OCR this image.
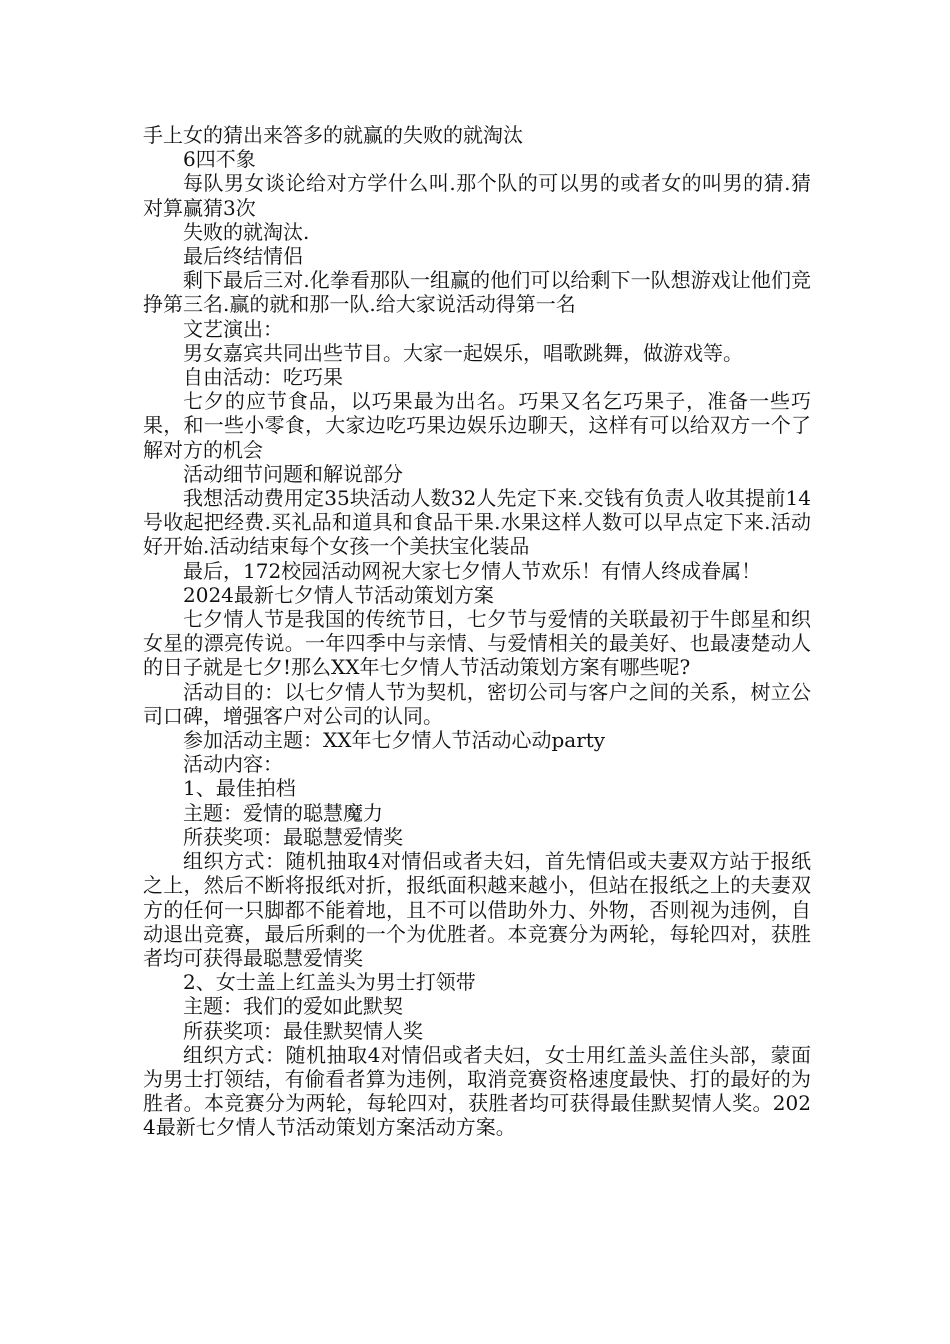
手上女的猜出来答多的就赢的失败的就淘汰

6四不象

每队男女谈论给对方学什么叫.那个队的可以男的或者女的叫男的猜.猜对算赢猜3次

失败的就淘汰.

最后终结情侣

剩下最后三对.化拳看那队一组赢的他们可以给剩下一队想游戏让他们竞挣第三名.赢的就和那一队.给大家说活动得第一名

文艺演出：

男女嘉宾共同出些节目。大家一起娱乐，唱歌跳舞，做游戏等。

自由活动：吃巧果

七夕的应节食品，以巧果最为出名。巧果又名乞巧果子，准备一些巧果，和一些小零食，大家边吃巧果边娱乐边聊天，这样有可以给双方一个了解对方的机会

活动细节问题和解说部分

我想活动费用定35块活动人数32人先定下来.交钱有负责人收其提前14号收起把经费.买礼品和道具和食品干果.水果这样人数可以早点定下来.活动好开始.活动结束每个女孩一个美扶宝化装品

最后，172校园活动网祝大家七夕情人节欢乐！有情人终成眷属！

2024最新七夕情人节活动策划方案

七夕情人节是我国的传统节日，七夕节与爱情的关联最初于牛郎星和织女星的漂亮传说。一年四季中与亲情、与爱情相关的最美好、也最凄楚动人的日子就是七夕!那么XX年七夕情人节活动策划方案有哪些呢?

活动目的：以七夕情人节为契机，密切公司与客户之间的关系，树立公司口碑，增强客户对公司的认同。

参加活动主题：XX年七夕情人节活动心动party

活动内容：

1、最佳拍档

主题：爱情的聪慧魔力

所获奖项：最聪慧爱情奖

组织方式：随机抽取4对情侣或者夫妇，首先情侣或夫妻双方站于报纸之上，然后不断将报纸对折，报纸面积越来越小，但站在报纸之上的夫妻双方的任何一只脚都不能着地，且不可以借助外力、外物，否则视为违例，自动退出竞赛，最后所剩的一个为优胜者。本竞赛分为两轮，每轮四对，获胜者均可获得最聪慧爱情奖

2、女士盖上红盖头为男士打领带

主题：我们的爱如此默契

所获奖项：最佳默契情人奖

组织方式：随机抽取4对情侣或者夫妇，女士用红盖头盖住头部，蒙面为男士打领结，有偷看者算为违例，取消竞赛资格速度最快、打的最好的为胜者。本竞赛分为两轮，每轮四对，获胜者均可获得最佳默契情人奖。2024最新七夕情人节活动策划方案活动方案。
